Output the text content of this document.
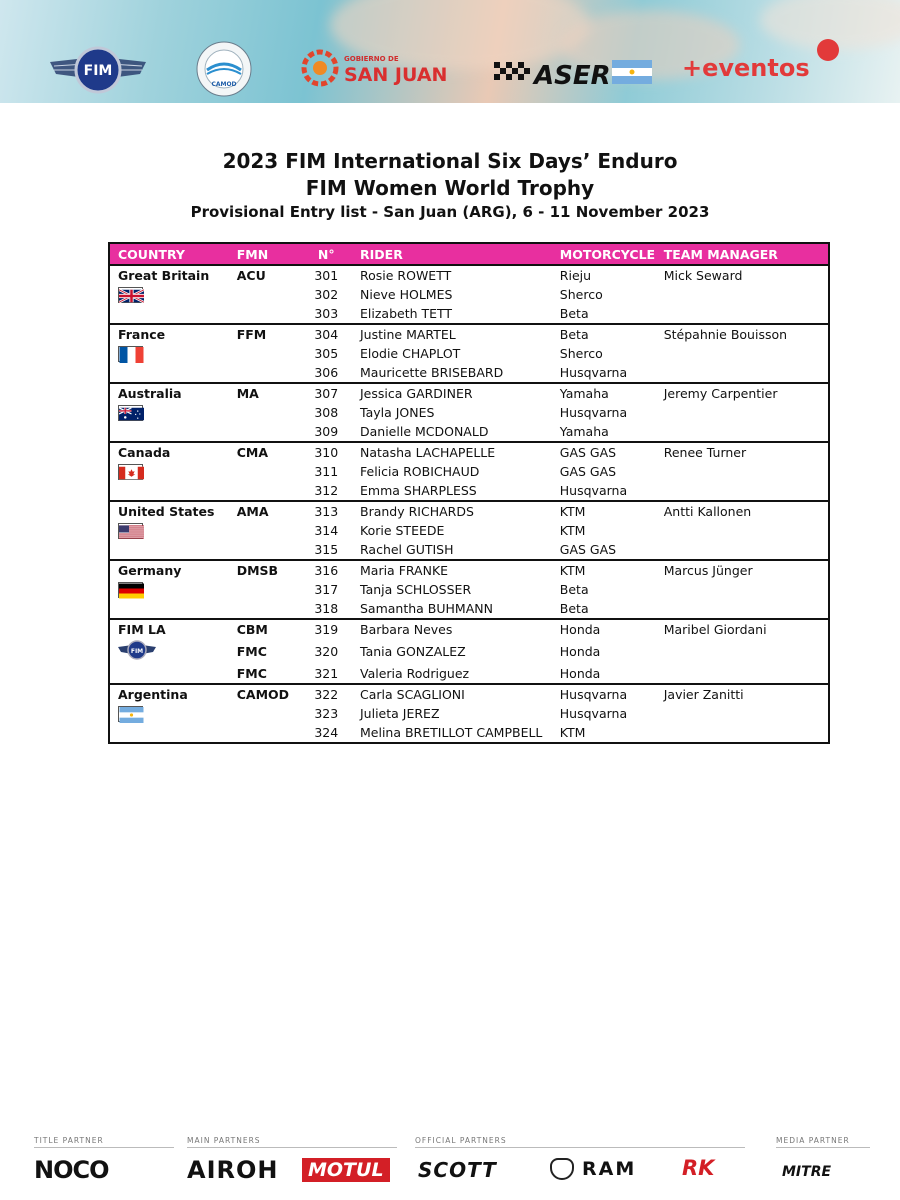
FIM
CAMOD
GOBIERNO DE
SAN JUAN	ASER	+eventos
2023 FIM International Six Days’ Enduro
FIM Women World Trophy
Provisional Entry list - San Juan (ARG), 6 - 11 November 2023
COUNTRY	FMN	N°	RIDER	MOTORCYCLE	TEAM MANAGER
Great Britain	ACU	301	Rosie ROWETT	Rieju	Mick Seward
		302	Nieve HOLMES	Sherco	
		303	Elizabeth TETT	Beta	
France	FFM	304	Justine MARTEL	Beta	Stépahnie Bouisson
		305	Elodie CHAPLOT	Sherco	
		306	Mauricette BRISEBARD	Husqvarna	
Australia	MA	307	Jessica GARDINER	Yamaha	Jeremy Carpentier
		308	Tayla JONES	Husqvarna	
		309	Danielle MCDONALD	Yamaha	
Canada	CMA	310	Natasha LACHAPELLE	GAS GAS	Renee Turner
		311	Felicia ROBICHAUD	GAS GAS	
		312	Emma SHARPLESS	Husqvarna	
United States	AMA	313	Brandy RICHARDS	KTM	Antti Kallonen
		314	Korie STEEDE	KTM	
		315	Rachel GUTISH	GAS GAS	
Germany	DMSB	316	Maria FRANKE	KTM	Marcus Jünger
		317	Tanja SCHLOSSER	Beta	
		318	Samantha BUHMANN	Beta	
FIM LA	CBM	319	Barbara Neves	Honda	Maribel Giordani

FIM	FMC	320	Tania GONZALEZ	Honda	
	FMC	321	Valeria Rodriguez	Honda	
Argentina	CAMOD	322	Carla SCAGLIONI	Husqvarna	Javier Zanitti
		323	Julieta JEREZ	Husqvarna	
		324	Melina BRETILLOT CAMPBELL	KTM	
TITLE PARTNER	MAIN PARTNERS	OFFICIAL PARTNERS	MEDIA PARTNER
NOCO	AIROH	MOTUL	SCOTT	RAM RK	MITRE
